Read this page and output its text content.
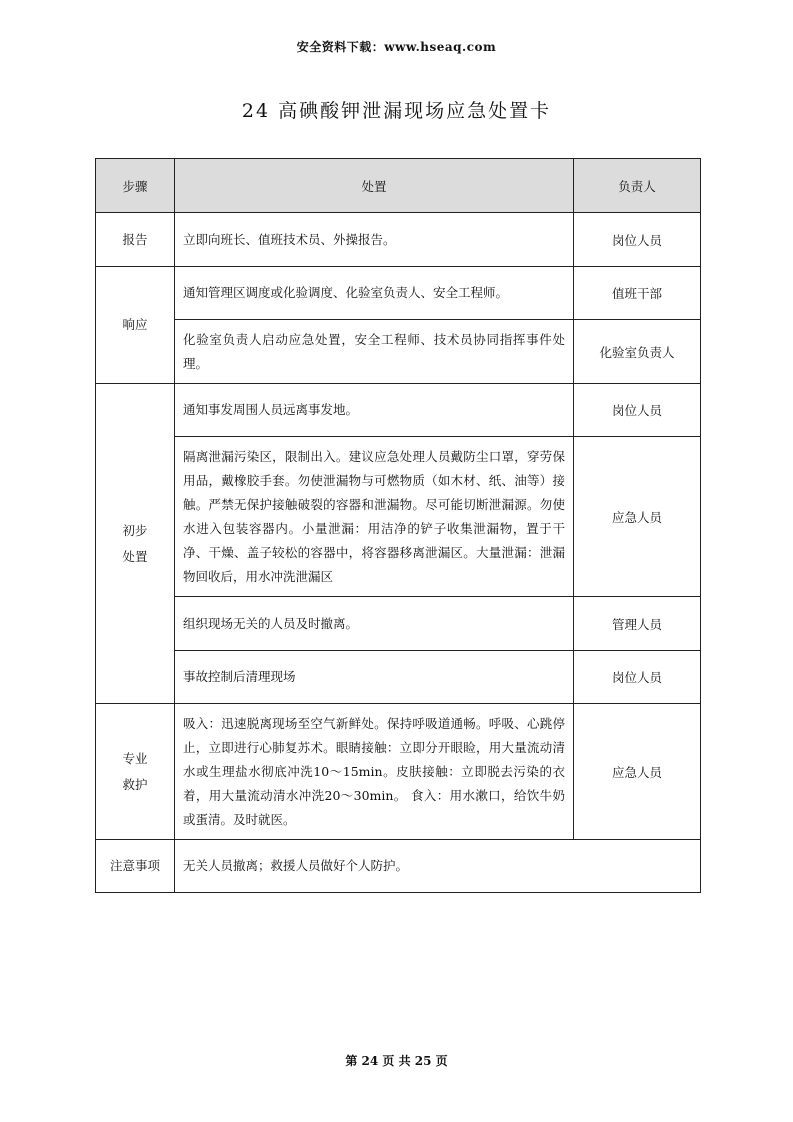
安全资料下载：www.hseaq.com
24 高碘酸钾泄漏现场应急处置卡
步骤	处置	负责人
报告	立即向班长、值班技术员、外操报告。	岗位人员
响应	通知管理区调度或化验调度、化验室负责人、安全工程师。	值班干部
	化验室负责人启动应急处置，安全工程师、技术员协同指挥事件处理。	化验室负责人

初步处置	通知事发周围人员远离事发地。	岗位人员
	隔离泄漏污染区，限制出入。建议应急处理人员戴防尘口罩，穿劳保用品，戴橡胶手套。勿使泄漏物与可燃物质（如木材、纸、油等）接触。严禁无保护接触破裂的容器和泄漏物。尽可能切断泄漏源。勿使水进入包装容器内。小量泄漏：用洁净的铲子收集泄漏物，置于干净、干燥、盖子较松的容器中，将容器移离泄漏区。大量泄漏：泄漏物回收后，用水冲洗泄漏区	应急人员
	组织现场无关的人员及时撤离。	管理人员
	事故控制后清理现场	岗位人员

专业救护	吸入：迅速脱离现场至空气新鲜处。保持呼吸道通畅。呼吸、心跳停止，立即进行心肺复苏术。眼睛接触：立即分开眼睑，用大量流动清水或生理盐水彻底冲洗10～15min。皮肤接触：立即脱去污染的衣着，用大量流动清水冲洗20～30min。 食入：用水漱口，给饮牛奶或蛋清。及时就医。	应急人员
注意事项	无关人员撤离；救援人员做好个人防护。	
第 24 页 共 25 页
